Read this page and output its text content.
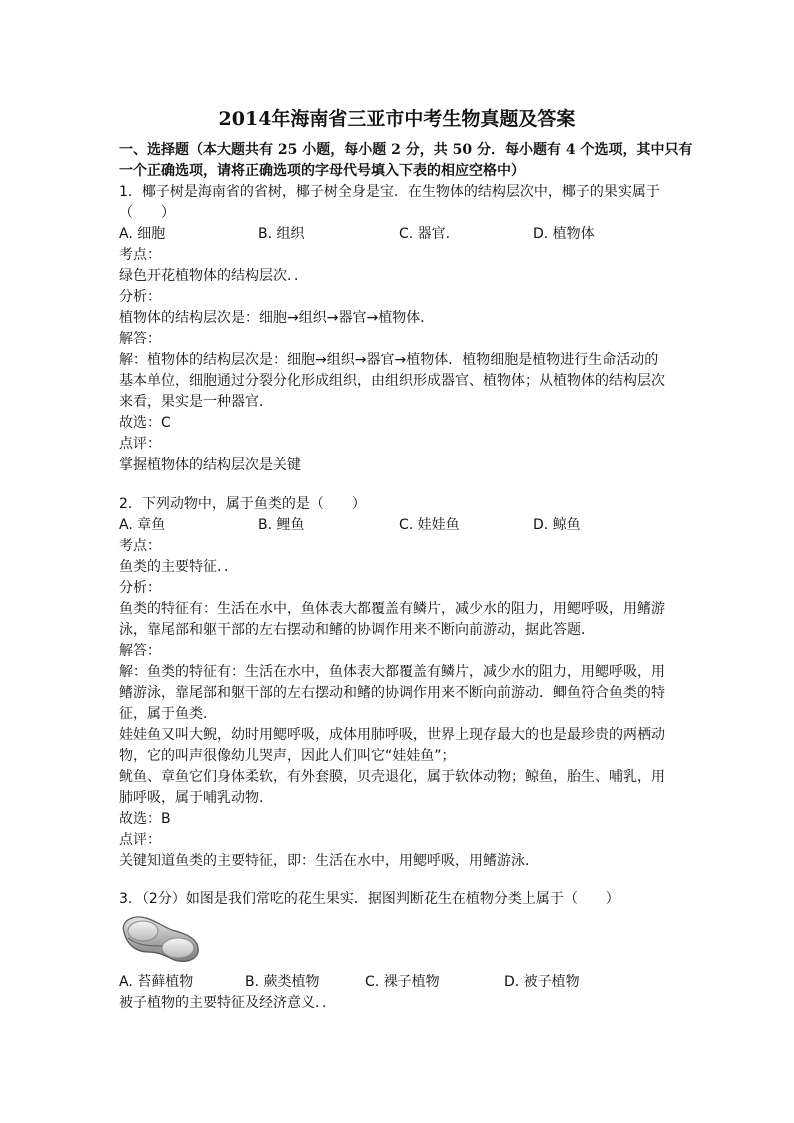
2014年海南省三亚市中考生物真题及答案

一、选择题（本大题共有 25 小题，每小题 2 分，共 50 分．每小题有 4 个选项，其中只有

一个正确选项，请将正确选项的字母代号填入下表的相应空格中）

1．椰子树是海南省的省树，椰子树全身是宝．在生物体的结构层次中，椰子的果实属于

（　　）

A. 细胞	B. 组织	C. 器官.	D. 植物体

考点：

绿色开花植物体的结构层次．．

分析：

植物体的结构层次是：细胞→组织→器官→植物体．

解答：

解：植物体的结构层次是：细胞→组织→器官→植物体．植物细胞是植物进行生命活动的

基本单位，细胞通过分裂分化形成组织，由组织形成器官、植物体；从植物体的结构层次

来看，果实是一种器官．

故选：C

点评：

掌握植物体的结构层次是关键

2．下列动物中，属于鱼类的是（　　）

A. 章鱼	B. 鲤鱼	C. 娃娃鱼	D. 鲸鱼

考点：

鱼类的主要特征．．

分析：

鱼类的特征有：生活在水中，鱼体表大都覆盖有鳞片，减少水的阻力，用鳃呼吸，用鳍游

泳，靠尾部和躯干部的左右摆动和鳍的协调作用来不断向前游动，据此答题．

解答：

解：鱼类的特征有：生活在水中，鱼体表大都覆盖有鳞片，减少水的阻力，用鳃呼吸，用

鳍游泳，靠尾部和躯干部的左右摆动和鳍的协调作用来不断向前游动．鲫鱼符合鱼类的特

征，属于鱼类．

娃娃鱼又叫大鲵，幼时用鳃呼吸，成体用肺呼吸，世界上现存最大的也是最珍贵的两栖动

物，它的叫声很像幼儿哭声，因此人们叫它“娃娃鱼”；

鱿鱼、章鱼它们身体柔软，有外套膜，贝壳退化，属于软体动物；鲸鱼，胎生、哺乳，用

肺呼吸，属于哺乳动物．

故选：B

点评：

关键知道鱼类的主要特征，即：生活在水中，用鳃呼吸，用鳍游泳．

3．（2分）如图是我们常吃的花生果实．据图判断花生在植物分类上属于（　　）

A. 苔藓植物	B. 蕨类植物	C. 裸子植物	D. 被子植物

被子植物的主要特征及经济意义．．
